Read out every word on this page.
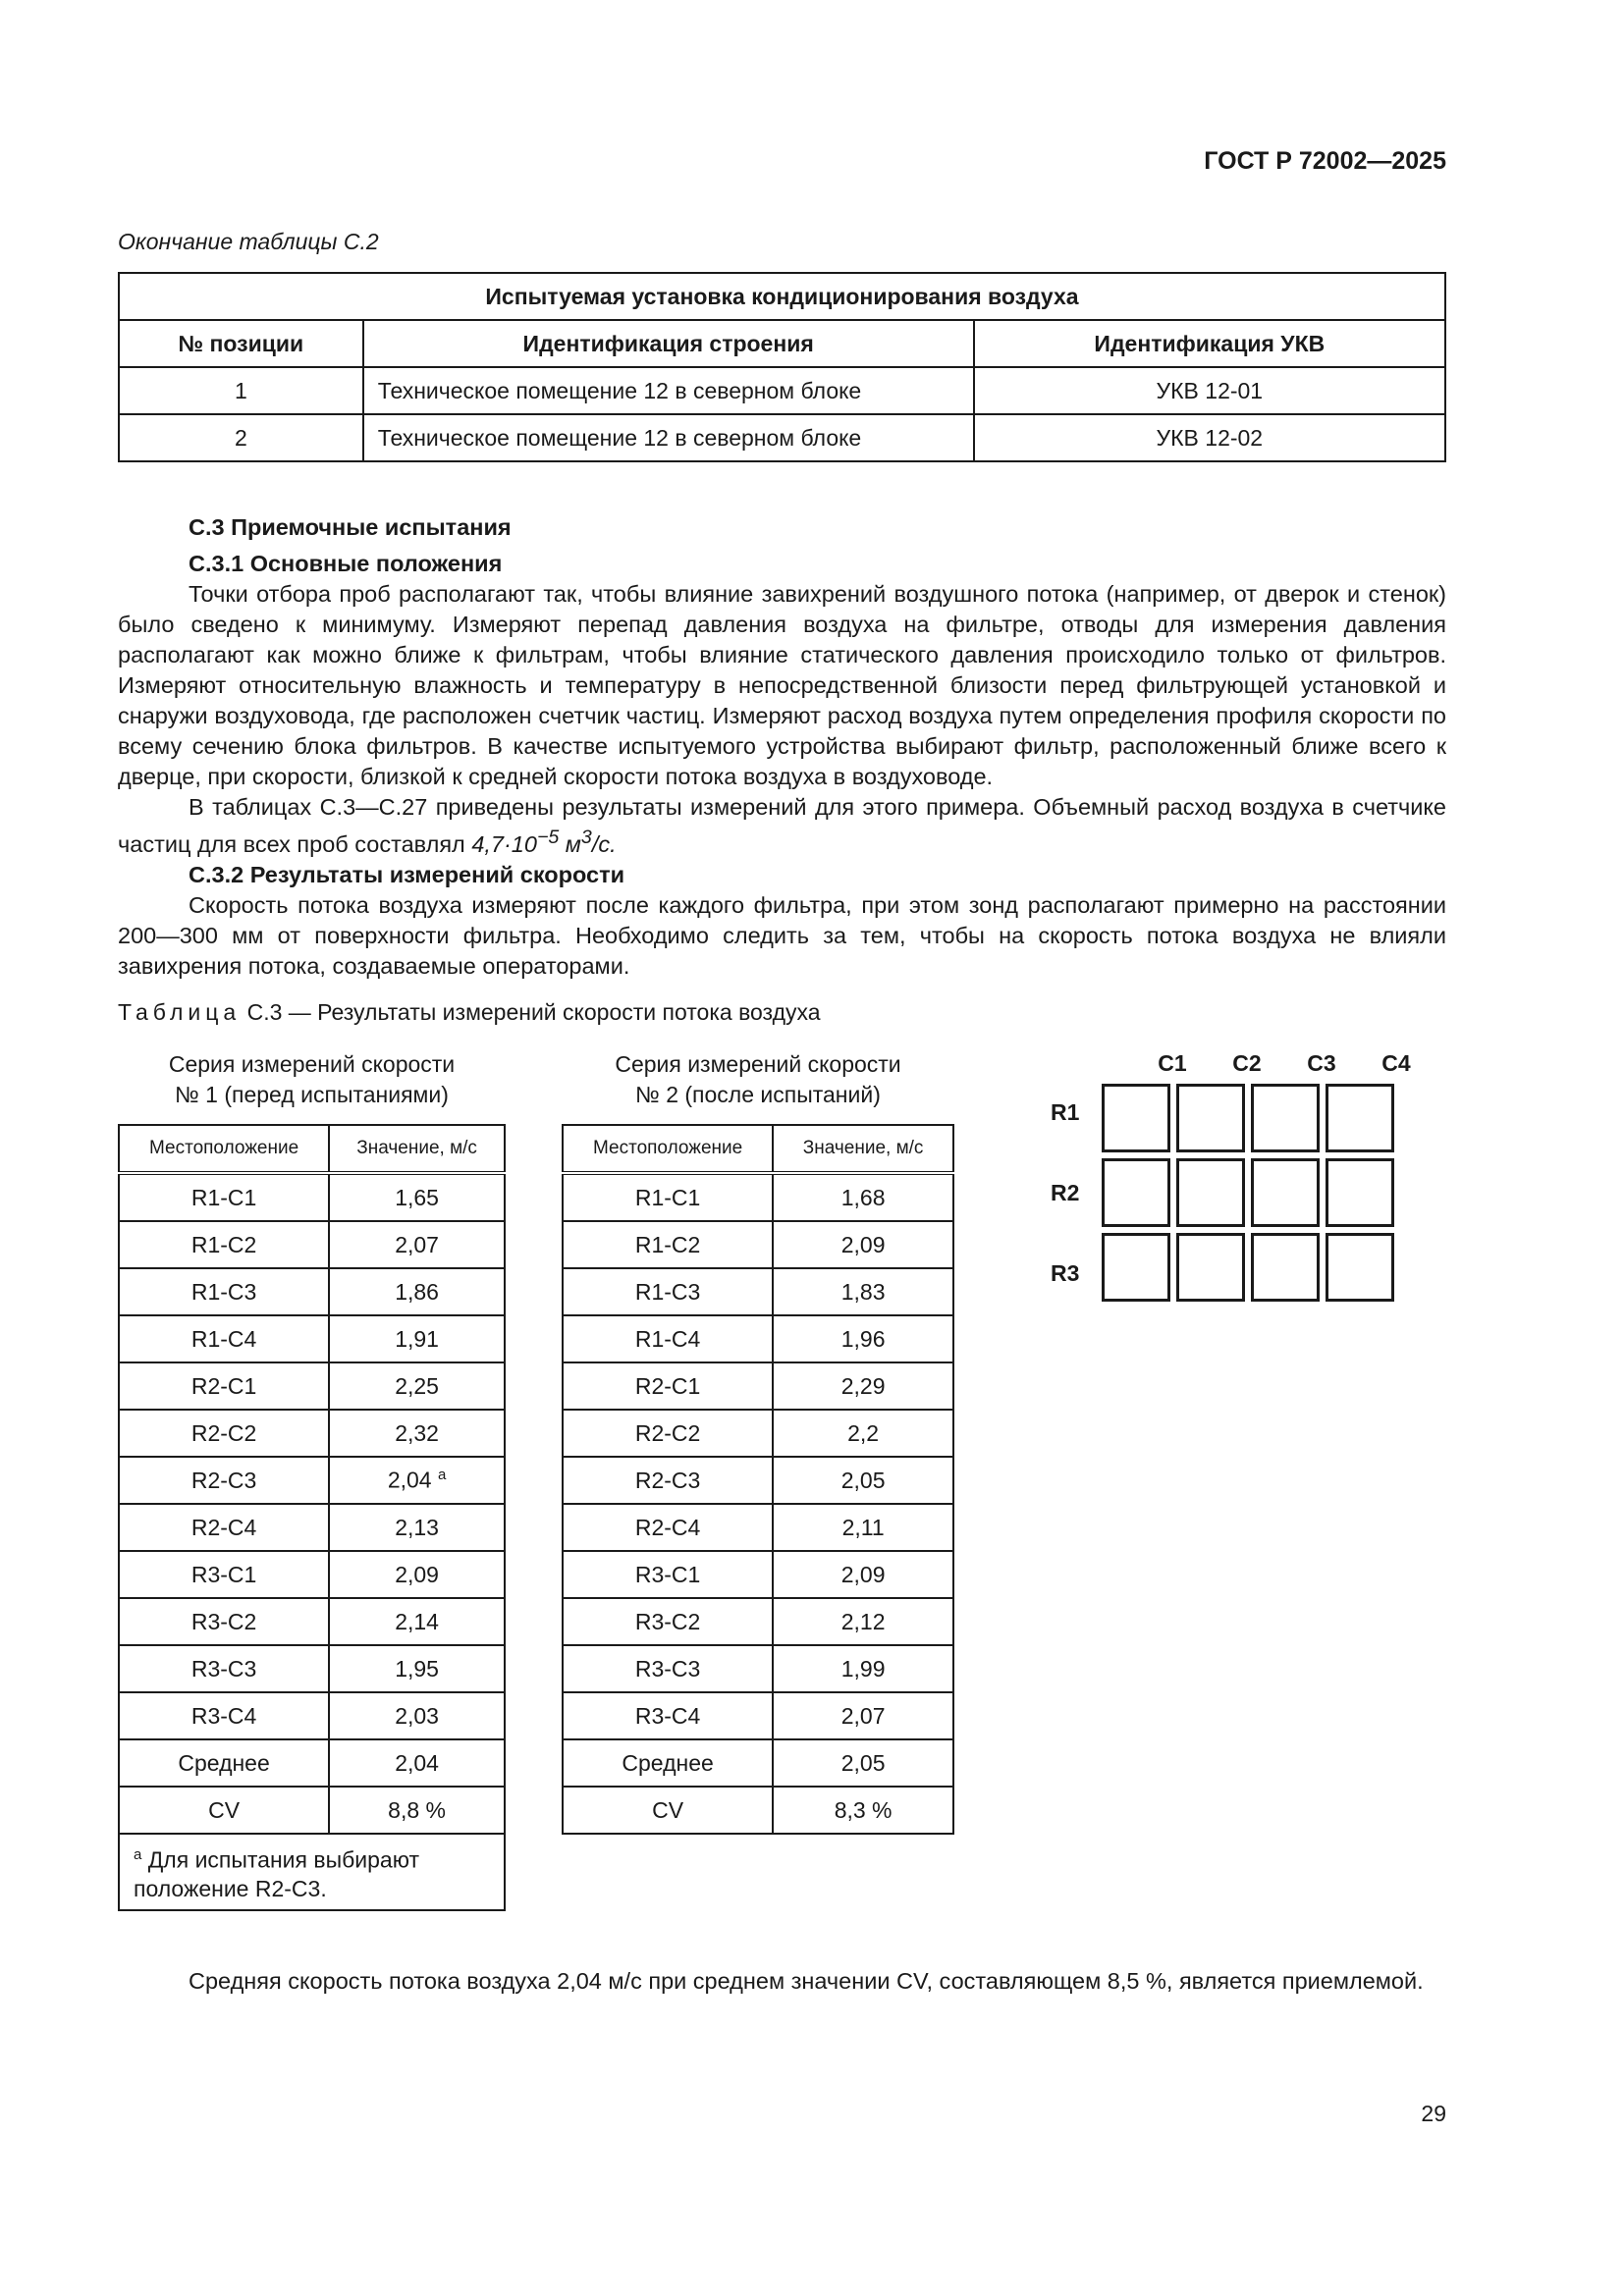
ГОСТ Р 72002—2025
Окончание таблицы С.2
Испытуемая установка кондиционирования воздуха		
№ позиции	Идентификация строения	Идентификация УКВ
1	Техническое помещение 12 в северном блоке	УКВ 12-01
2	Техническое помещение 12 в северном блоке	УКВ 12-02
С.3 Приемочные испытания
С.3.1 Основные положения

Точки отбора проб располагают так, чтобы влияние завихрений воздушного потока (например, от дверок и стенок) было сведено к минимуму. Измеряют перепад давления воздуха на фильтре, отводы для измерения давления располагают как можно ближе к фильтрам, чтобы влияние статического давления происходило только от фильтров. Измеряют относительную влажность и температуру в непосредственной близости перед фильтрующей установкой и снаружи воздуховода, где расположен счетчик частиц. Измеряют расход воздуха путем определения профиля скорости по всему сечению блока фильтров. В качестве испытуемого устройства выбирают фильтр, расположенный ближе всего к дверце, при скорости, близкой к средней скорости потока воздуха в воздуховоде.

В таблицах С.3—С.27 приведены результаты измерений для этого примера. Объемный расход воздуха в счетчике частиц для всех проб составлял $4,7\cdot 10^{-5}$ $м^3/с$.

С.3.2 Результаты измерений скорости

Скорость потока воздуха измеряют после каждого фильтра, при этом зонд располагают примерно на расстоянии 200—300 мм от поверхности фильтра. Необходимо следить за тем, чтобы на скорость потока воздуха не влияли завихрения потока, создаваемые операторами.

Таблица С.3 — Результаты измерений скорости потока воздуха
Серия измерений скорости
№ 1 (перед испытаниями)
Местоположение	Значение, м/с
R1-C1	1,65
R1-C2	2,07
R1-C3	1,86
R1-C4	1,91
R2-C1	2,25
R2-C2	2,32
R2-C3	2,04 $^a$
R2-C4	2,13
R3-C1	2,09
R3-C2	2,14
R3-C3	1,95
R3-C4	2,03
Среднее	2,04
CV	8,8 %
$^a$ Для испытания выбирают положение R2-C3.	
Серия измерений скорости
№ 2 (после испытаний)
Местоположение	Значение, м/с
R1-C1	1,68
R1-C2	2,09
R1-C3	1,83
R1-C4	1,96
R2-C1	2,29
R2-C2	2,2
R2-C3	2,05
R2-C4	2,11
R3-C1	2,09
R3-C2	2,12
R3-C3	1,99
R3-C4	2,07
Среднее	2,05
CV	8,3 %
C1	C2	C3	C4
R1
R2
R3

Средняя скорость потока воздуха 2,04 м/с при среднем значении CV, составляющем 8,5 %, является приемлемой.

29
